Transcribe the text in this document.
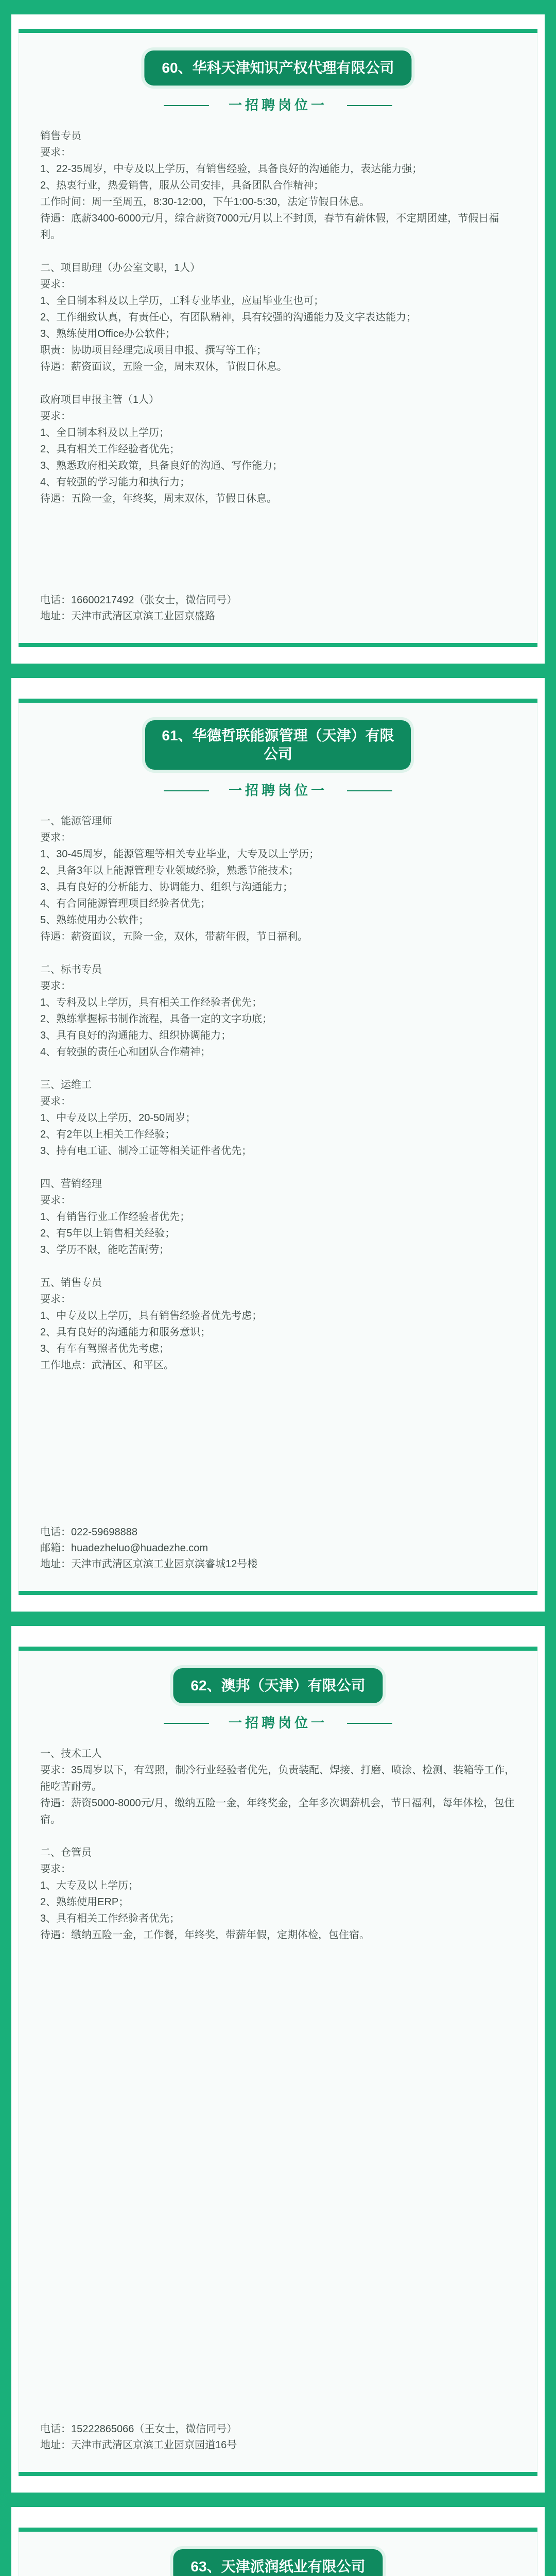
60、华科天津知识产权代理有限公司
一招聘岗位一
销售专员
要求：
1、22-35周岁，中专及以上学历，有销售经验，具备良好的沟通能力，表达能力强；
2、热衷行业，热爱销售，服从公司安排，具备团队合作精神；
工作时间：周一至周五，8:30-12:00，下午1:00-5:30，法定节假日休息。
待遇：底薪3400-6000元/月，综合薪资7000元/月以上不封顶，春节有薪休假，不定期团建，节假日福利。

二、项目助理（办公室文职，1人）
要求：
1、全日制本科及以上学历，工科专业毕业，应届毕业生也可；
2、工作细致认真，有责任心，有团队精神，具有较强的沟通能力及文字表达能力；
3、熟练使用Office办公软件；
职责：协助项目经理完成项目申报、撰写等工作；
待遇：薪资面议，五险一金，周末双休，节假日休息。

政府项目申报主管（1人）
要求：
1、全日制本科及以上学历；
2、具有相关工作经验者优先；
3、熟悉政府相关政策，具备良好的沟通、写作能力；
4、有较强的学习能力和执行力；
待遇：五险一金，年终奖，周末双休，节假日休息。
电话：16600217492（张女士，微信同号）
地址：天津市武清区京滨工业园京盛路
61、华德哲联能源管理（天津）有限公司
一招聘岗位一
一、能源管理师
要求：
1、30-45周岁，能源管理等相关专业毕业，大专及以上学历；
2、具备3年以上能源管理专业领域经验，熟悉节能技术；
3、具有良好的分析能力、协调能力、组织与沟通能力；
4、有合同能源管理项目经验者优先；
5、熟练使用办公软件；
待遇：薪资面议，五险一金，双休，带薪年假，节日福利。

二、标书专员
要求：
1、专科及以上学历，具有相关工作经验者优先；
2、熟练掌握标书制作流程，具备一定的文字功底；
3、具有良好的沟通能力、组织协调能力；
4、有较强的责任心和团队合作精神；

三、运维工
要求：
1、中专及以上学历，20-50周岁；
2、有2年以上相关工作经验；
3、持有电工证、制冷工证等相关证件者优先；

四、营销经理
要求：
1、有销售行业工作经验者优先；
2、有5年以上销售相关经验；
3、学历不限，能吃苦耐劳；

五、销售专员
要求：
1、中专及以上学历，具有销售经验者优先考虑；
2、具有良好的沟通能力和服务意识；
3、有车有驾照者优先考虑；
工作地点：武清区、和平区。
电话：022-59698888
邮箱：huadezheluo@huadezhe.com
地址：天津市武清区京滨工业园京滨睿城12号楼
62、澳邦（天津）有限公司
一招聘岗位一
一、技术工人
要求：35周岁以下，有驾照，制冷行业经验者优先，负责装配、焊接、打磨、喷涂、检测、装箱等工作，能吃苦耐劳。
待遇：薪资5000-8000元/月，缴纳五险一金，年终奖金，全年多次调薪机会，节日福利，每年体检，包住宿。

二、仓管员
要求：
1、大专及以上学历；
2、熟练使用ERP；
3、具有相关工作经验者优先；
待遇：缴纳五险一金，工作餐，年终奖，带薪年假，定期体检，包住宿。
电话：15222865066（王女士，微信同号）
地址：天津市武清区京滨工业园京园道16号
63、天津派润纸业有限公司
